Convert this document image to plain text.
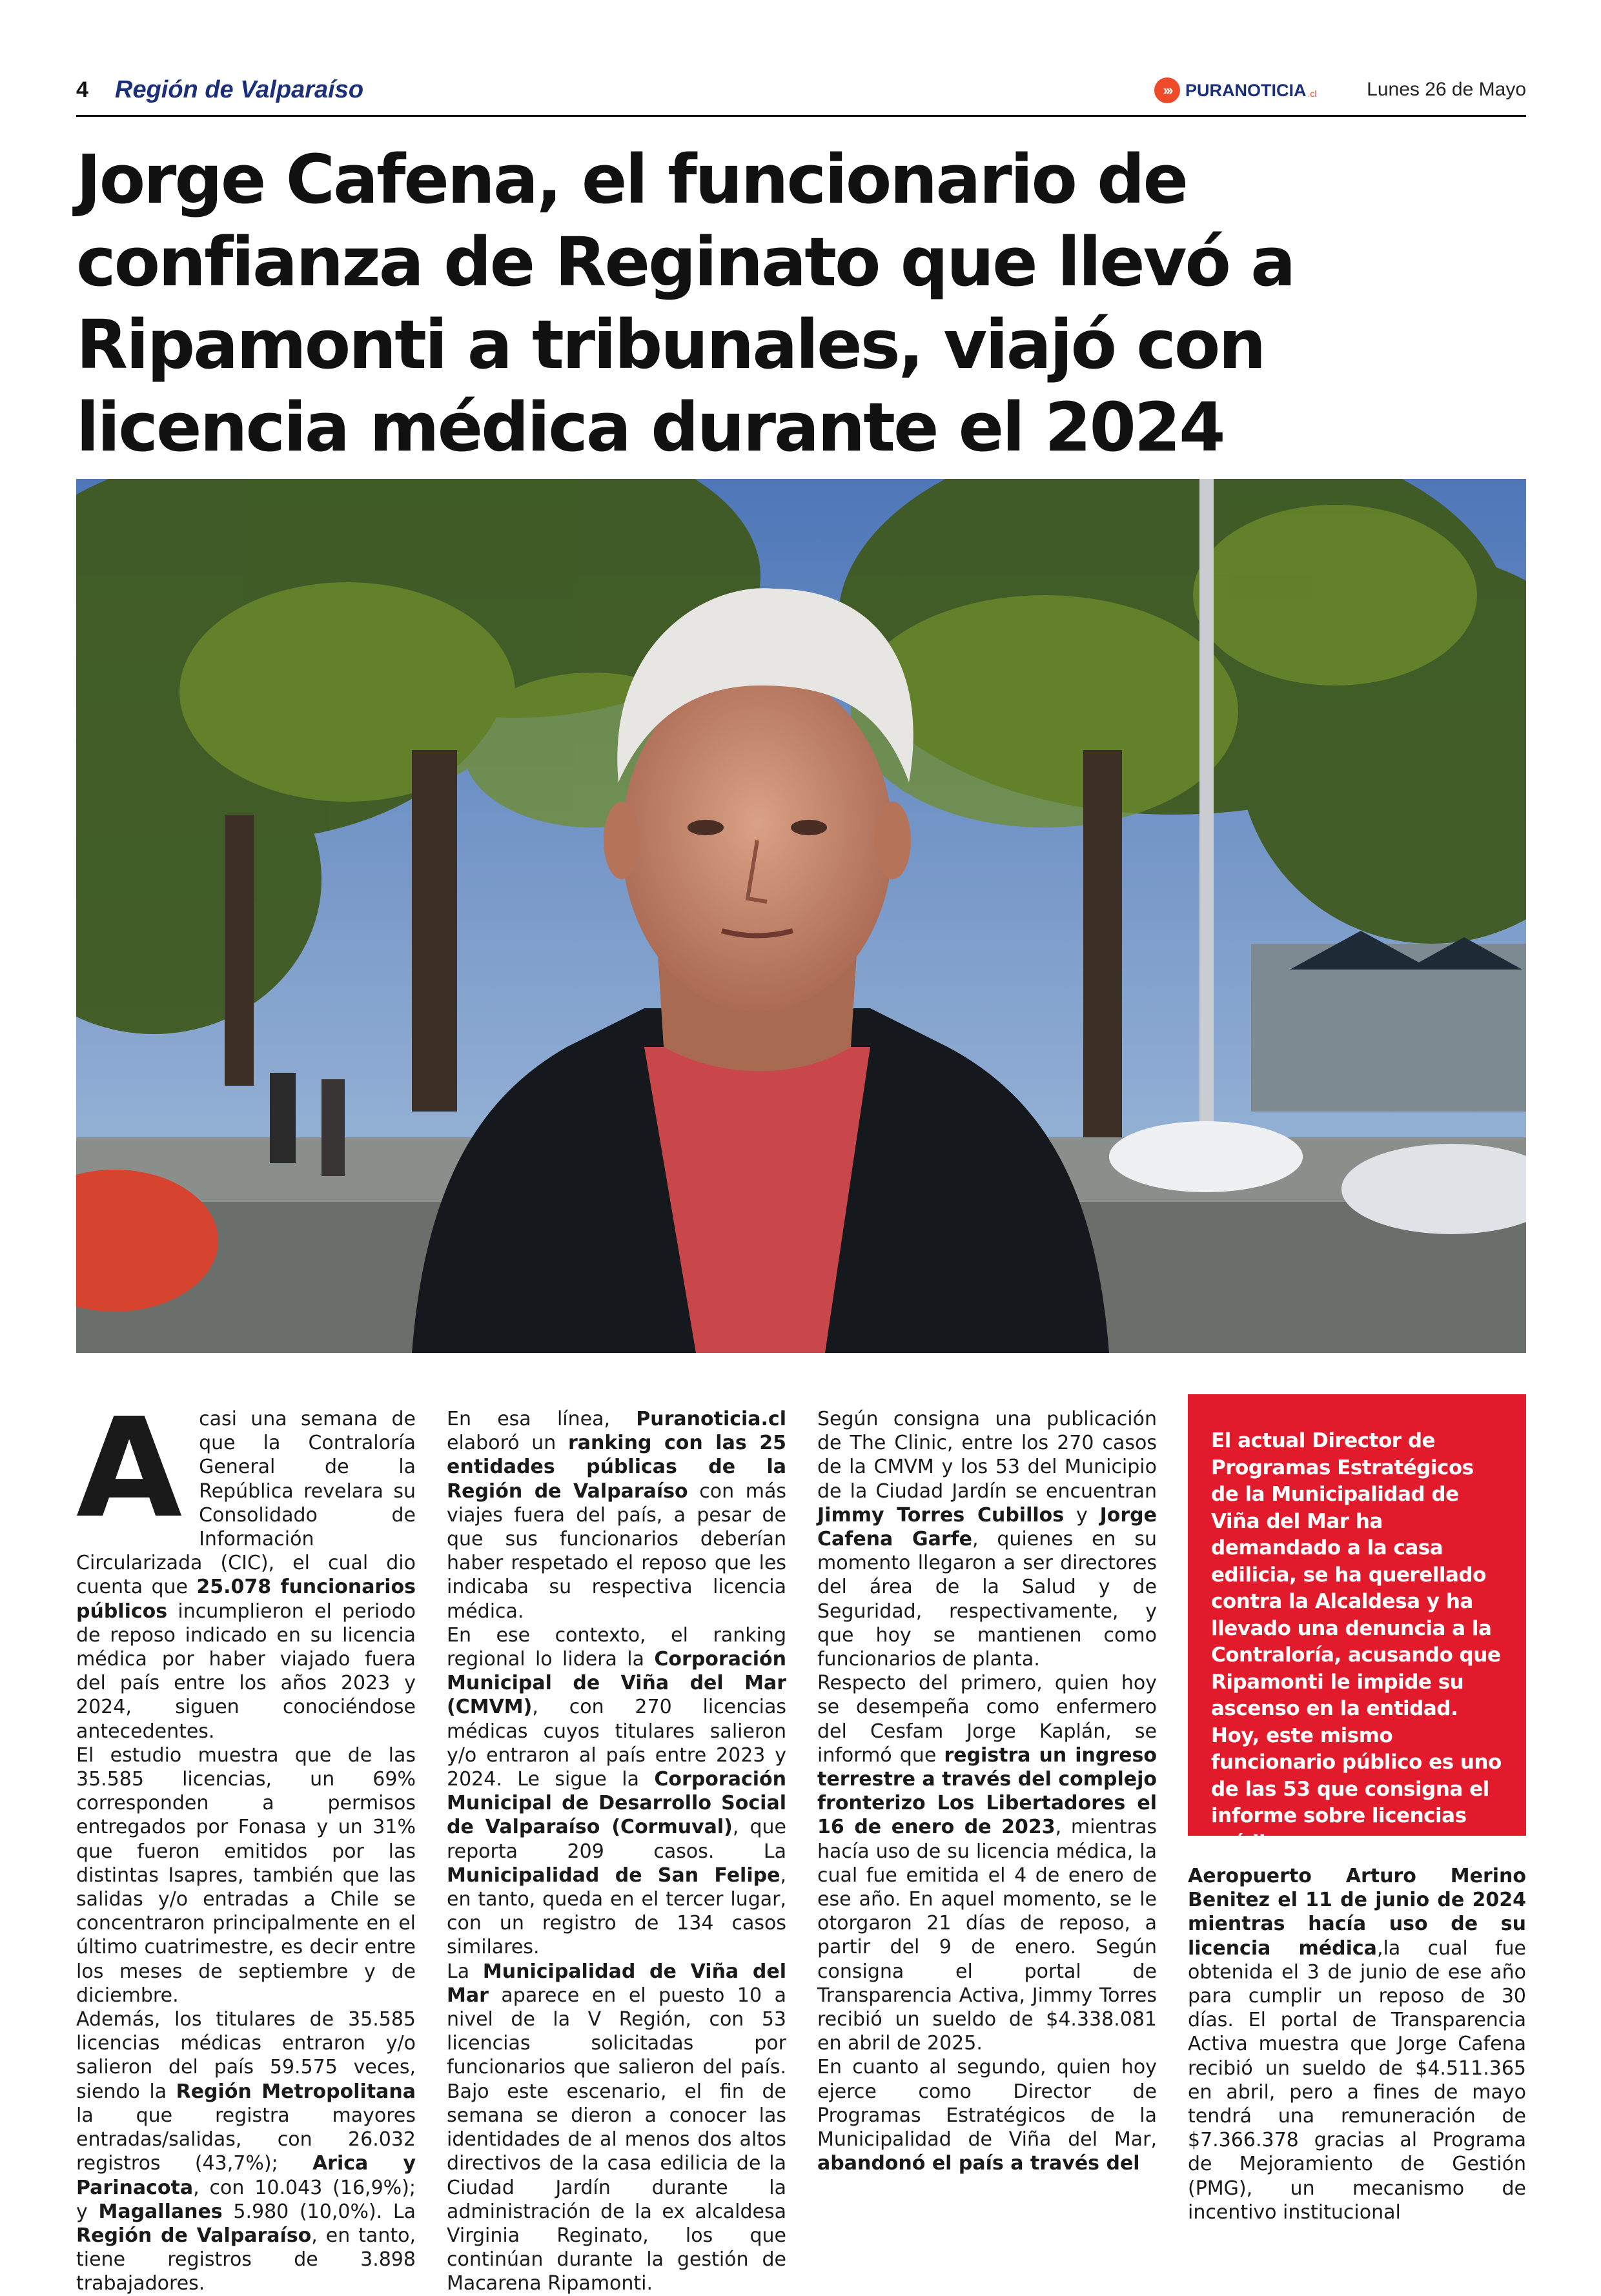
4 Región de Valparaíso	››› PURANOTICIA .cl	Lunes 26 de Mayo
Jorge Cafena, el funcionario de confianza de Reginato que llevó a Ripamonti a tribunales, viajó con licencia médica durante el 2024
A casi una semana de que la Contraloría General de la República revelara su Consolidado de Información Circularizada (CIC), el cual dio cuenta que 25.078 funcionarios públicos incumplieron el periodo de reposo indicado en su licencia médica por haber viajado fuera del país entre los años 2023 y 2024, siguen conociéndose antecedentes.

El estudio muestra que de las 35.585 licencias, un 69% corresponden a permisos entregados por Fonasa y un 31% que fueron emitidos por las distintas Isapres, también que las salidas y/o entradas a Chile se concentraron principalmente en el último cuatrimestre, es decir entre los meses de septiembre y de diciembre.

Además, los titulares de 35.585 licencias médicas entraron y/o salieron del país 59.575 veces, siendo la Región Metropolitana la que registra mayores entradas/salidas, con 26.032 registros (43,7%); Arica y Parinacota, con 10.043 (16,9%); y Magallanes 5.980 (10,0%). La Región de Valparaíso, en tanto, tiene registros de 3.898 trabajadores.

En esa línea, Puranoticia.cl elaboró un ranking con las 25 entidades públicas de la Región de Valparaíso con más viajes fuera del país, a pesar de que sus funcionarios deberían haber respetado el reposo que les indicaba su respectiva licencia médica.

En ese contexto, el ranking regional lo lidera la Corporación Municipal de Viña del Mar (CMVM), con 270 licencias médicas cuyos titulares salieron y/o entraron al país entre 2023 y 2024. Le sigue la Corporación Municipal de Desarrollo Social de Valparaíso (Cormuval), que reporta 209 casos. La Municipalidad de San Felipe, en tanto, queda en el tercer lugar, con un registro de 134 casos similares.

La Municipalidad de Viña del Mar aparece en el puesto 10 a nivel de la V Región, con 53 licencias solicitadas por funcionarios que salieron del país. Bajo este escenario, el fin de semana se dieron a conocer las identidades de al menos dos altos directivos de la casa edilicia de la Ciudad Jardín durante la administración de la ex alcaldesa Virginia Reginato, los que continúan durante la gestión de Macarena Ripamonti.

Según consigna una publicación de The Clinic, entre los 270 casos de la CMVM y los 53 del Municipio de la Ciudad Jardín se encuentran Jimmy Torres Cubillos y Jorge Cafena Garfe, quienes en su momento llegaron a ser directores del área de la Salud y de Seguridad, respectivamente, y que hoy se mantienen como funcionarios de planta.

Respecto del primero, quien hoy se desempeña como enfermero del Cesfam Jorge Kaplán, se informó que registra un ingreso terrestre a través del complejo fronterizo Los Libertadores el 16 de enero de 2023, mientras hacía uso de su licencia médica, la cual fue emitida el 4 de enero de ese año. En aquel momento, se le otorgaron 21 días de reposo, a partir del 9 de enero. Según consigna el portal de Transparencia Activa, Jimmy Torres recibió un sueldo de $4.338.081 en abril de 2025.

En cuanto al segundo, quien hoy ejerce como Director de Programas Estratégicos de la Municipalidad de Viña del Mar, abandonó el país a través del

El actual Director de Programas Estratégicos de la Municipalidad de Viña del Mar ha demandado a la casa edilicia, se ha querellado contra la Alcaldesa y ha llevado una denuncia a la Contraloría, acusando que Ripamonti le impide su ascenso en la entidad. Hoy, este mismo funcionario público es uno de las 53 que consigna el informe sobre licencias médicas.

Aeropuerto Arturo Merino Benitez el 11 de junio de 2024 mientras hacía uso de su licencia médica,la cual fue obtenida el 3 de junio de ese año para cumplir un reposo de 30 días. El portal de Transparencia Activa muestra que Jorge Cafena recibió un sueldo de $4.511.365 en abril, pero a fines de mayo tendrá una remuneración de $7.366.378 gracias al Programa de Mejoramiento de Gestión (PMG), un mecanismo de incentivo institucional
